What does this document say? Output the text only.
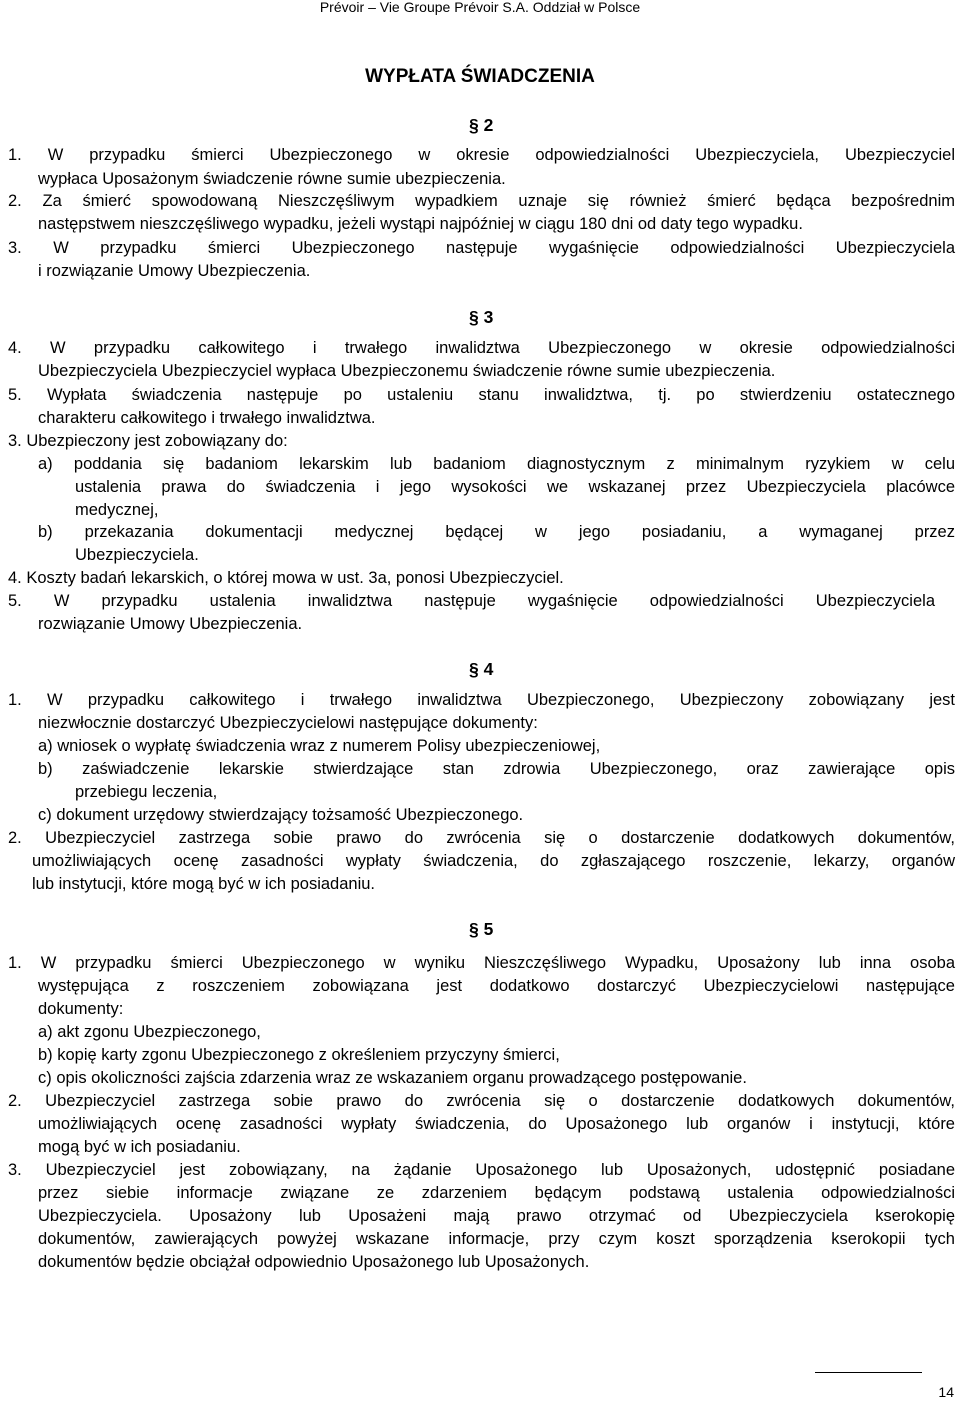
Prévoir – Vie Groupe Prévoir S.A. Oddział w Polsce
WYPŁATA ŚWIADCZENIA
§ 2
1. W przypadku śmierci Ubezpieczonego w okresie odpowiedzialności Ubezpieczyciela, Ubezpieczyciel
wypłaca Uposażonym świadczenie równe sumie ubezpieczenia.
2. Za śmierć spowodowaną Nieszczęśliwym wypadkiem uznaje się również śmierć będąca bezpośrednim
następstwem nieszczęśliwego wypadku, jeżeli wystąpi najpóźniej w ciągu 180 dni od daty tego wypadku.
3. W przypadku śmierci Ubezpieczonego następuje wygaśnięcie odpowiedzialności Ubezpieczyciela
i rozwiązanie Umowy Ubezpieczenia.
§ 3
4. W przypadku całkowitego i trwałego inwalidztwa Ubezpieczonego w okresie odpowiedzialności
Ubezpieczyciela Ubezpieczyciel wypłaca Ubezpieczonemu świadczenie równe sumie ubezpieczenia.
5. Wypłata świadczenia następuje po ustaleniu stanu inwalidztwa, tj. po stwierdzeniu ostatecznego
charakteru całkowitego i trwałego inwalidztwa.
3. Ubezpieczony jest zobowiązany do:
a) poddania się badaniom lekarskim lub badaniom diagnostycznym z minimalnym ryzykiem w celu
ustalenia prawa do świadczenia i jego wysokości we wskazanej przez Ubezpieczyciela placówce
medycznej,
b) przekazania dokumentacji medycznej będącej w jego posiadaniu, a wymaganej przez
Ubezpieczyciela.
4. Koszty badań lekarskich, o której mowa w ust. 3a, ponosi Ubezpieczyciel.
5. W przypadku ustalenia inwalidztwa następuje wygaśnięcie odpowiedzialności Ubezpieczyciela
rozwiązanie Umowy Ubezpieczenia.
§ 4
1. W przypadku całkowitego i trwałego inwalidztwa Ubezpieczonego, Ubezpieczony zobowiązany jest
niezwłocznie dostarczyć Ubezpieczycielowi następujące dokumenty:
a) wniosek o wypłatę świadczenia wraz z numerem Polisy ubezpieczeniowej,
b) zaświadczenie lekarskie stwierdzające stan zdrowia Ubezpieczonego, oraz zawierające opis
przebiegu leczenia,
c) dokument urzędowy stwierdzający tożsamość Ubezpieczonego.
2. Ubezpieczyciel zastrzega sobie prawo do zwrócenia się o dostarczenie dodatkowych dokumentów,
umożliwiających ocenę zasadności wypłaty świadczenia, do zgłaszającego roszczenie, lekarzy, organów
lub instytucji, które mogą być w ich posiadaniu.
§ 5
1. W przypadku śmierci Ubezpieczonego w wyniku Nieszczęśliwego Wypadku, Uposażony lub inna osoba
występująca z roszczeniem zobowiązana jest dodatkowo dostarczyć Ubezpieczycielowi następujące
dokumenty:
a) akt zgonu Ubezpieczonego,
b) kopię karty zgonu Ubezpieczonego z określeniem przyczyny śmierci,
c) opis okoliczności zajścia zdarzenia wraz ze wskazaniem organu prowadzącego postępowanie.
2. Ubezpieczyciel zastrzega sobie prawo do zwrócenia się o dostarczenie dodatkowych dokumentów,
umożliwiających ocenę zasadności wypłaty świadczenia, do Uposażonego lub organów i instytucji, które
mogą być w ich posiadaniu.
3. Ubezpieczyciel jest zobowiązany, na żądanie Uposażonego lub Uposażonych, udostępnić posiadane
przez siebie informacje związane ze zdarzeniem będącym podstawą ustalenia odpowiedzialności
Ubezpieczyciela. Uposażony lub Uposażeni mają prawo otrzymać od Ubezpieczyciela kserokopię
dokumentów, zawierających powyżej wskazane informacje, przy czym koszt sporządzenia kserokopii tych
dokumentów będzie obciążał odpowiednio Uposażonego lub Uposażonych.
14
